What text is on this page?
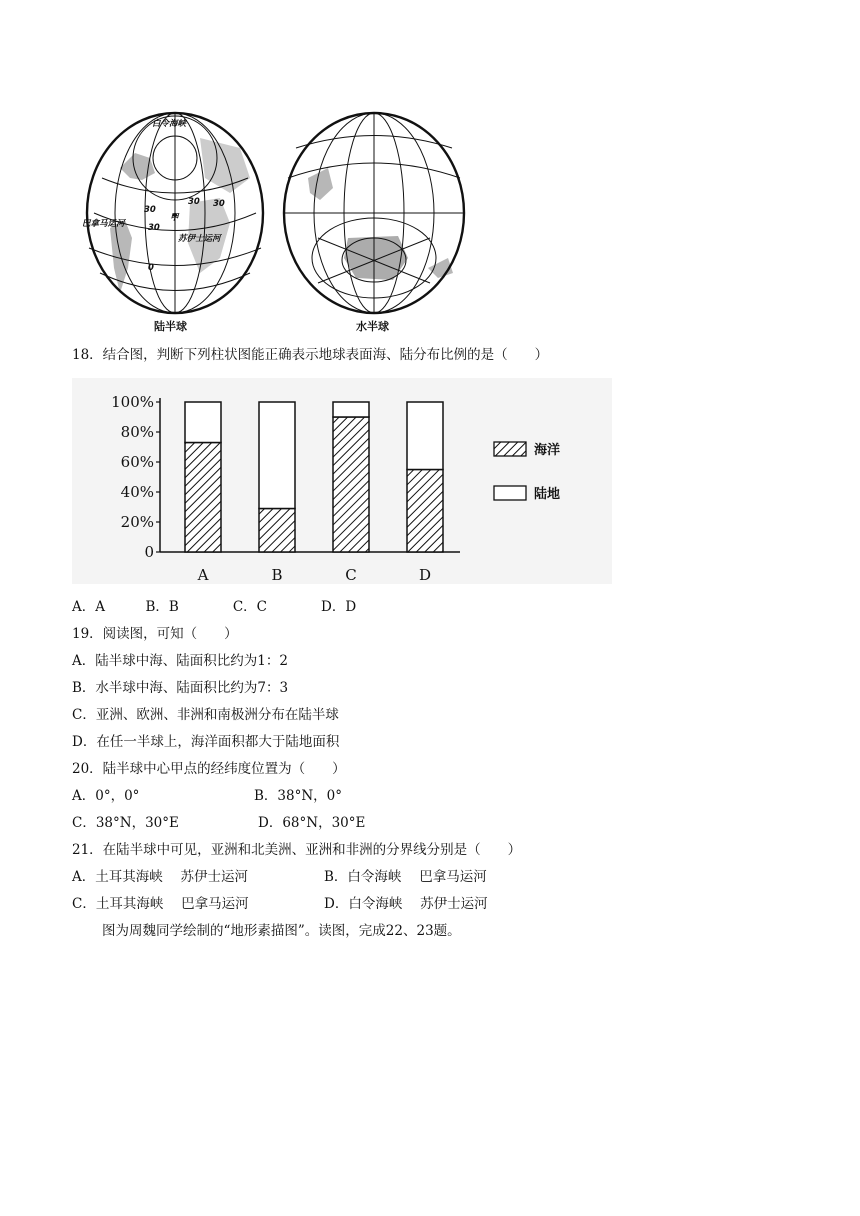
白令海峡
巴拿马运河
苏伊士运河
甲
30
30 30
30
0
陆半球	水半球
18．结合图，判断下列柱状图能正确表示地球表面海、陆分布比例的是（　　）
0
20%
40%
60%
80%
100%
A	B	C	D
海洋
陆地
A．A　　　B．B　　　　C．C　　　　D．D
19．阅读图，可知（　　）
A．陆半球中海、陆面积比约为1：2
B．水半球中海、陆面积比约为7：3
C．亚洲、欧洲、非洲和南极洲分布在陆半球
D．在任一半球上，海洋面积都大于陆地面积
20．陆半球中心甲点的经纬度位置为（　　）
A．0°，0°	B．38°N，0°
C．38°N，30°E	D．68°N，30°E
21．在陆半球中可见，亚洲和北美洲、亚洲和非洲的分界线分别是（　　）
A．土耳其海峡　 苏伊士运河	B．白令海峡　 巴拿马运河
C．土耳其海峡　 巴拿马运河	D．白令海峡　 苏伊士运河
图为周魏同学绘制的“地形素描图”。读图，完成22、23题。
